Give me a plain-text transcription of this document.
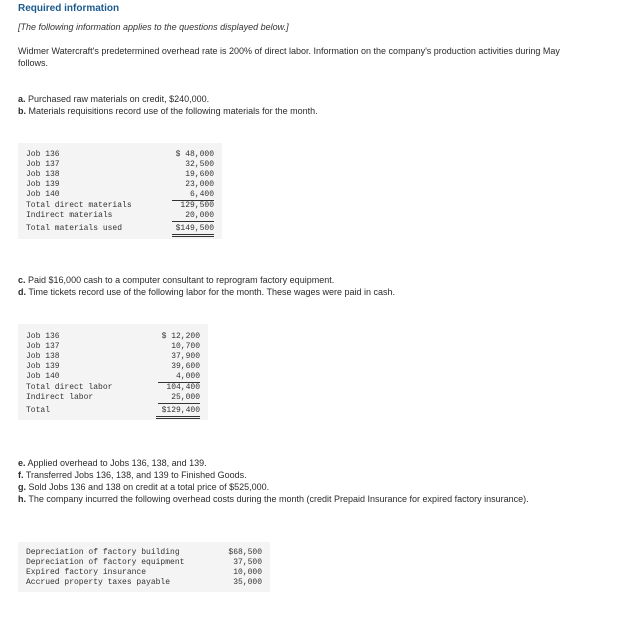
Required information
[The following information applies to the questions displayed below.]
Widmer Watercraft's predetermined overhead rate is 200% of direct labor. Information on the company's production activities during May follows.
a. Purchased raw materials on credit, $240,000.
b. Materials requisitions record use of the following materials for the month.
Job 136	$ 48,000
Job 137	32,500
Job 138	19,600
Job 139	23,000
Job 140	6,400
Total direct materials	129,500
Indirect materials	20,000
Total materials used	$149,500
c. Paid $16,000 cash to a computer consultant to reprogram factory equipment.
d. Time tickets record use of the following labor for the month. These wages were paid in cash.
Job 136	$ 12,200
Job 137	10,700
Job 138	37,900
Job 139	39,600
Job 140	4,000
Total direct labor	104,400
Indirect labor	25,000
Total	$129,400
e. Applied overhead to Jobs 136, 138, and 139.
f. Transferred Jobs 136, 138, and 139 to Finished Goods.
g. Sold Jobs 136 and 138 on credit at a total price of $525,000.
h. The company incurred the following overhead costs during the month (credit Prepaid Insurance for expired factory insurance).
Depreciation of factory building	$68,500
Depreciation of factory equipment	37,500
Expired factory insurance	10,000
Accrued property taxes payable	35,000
